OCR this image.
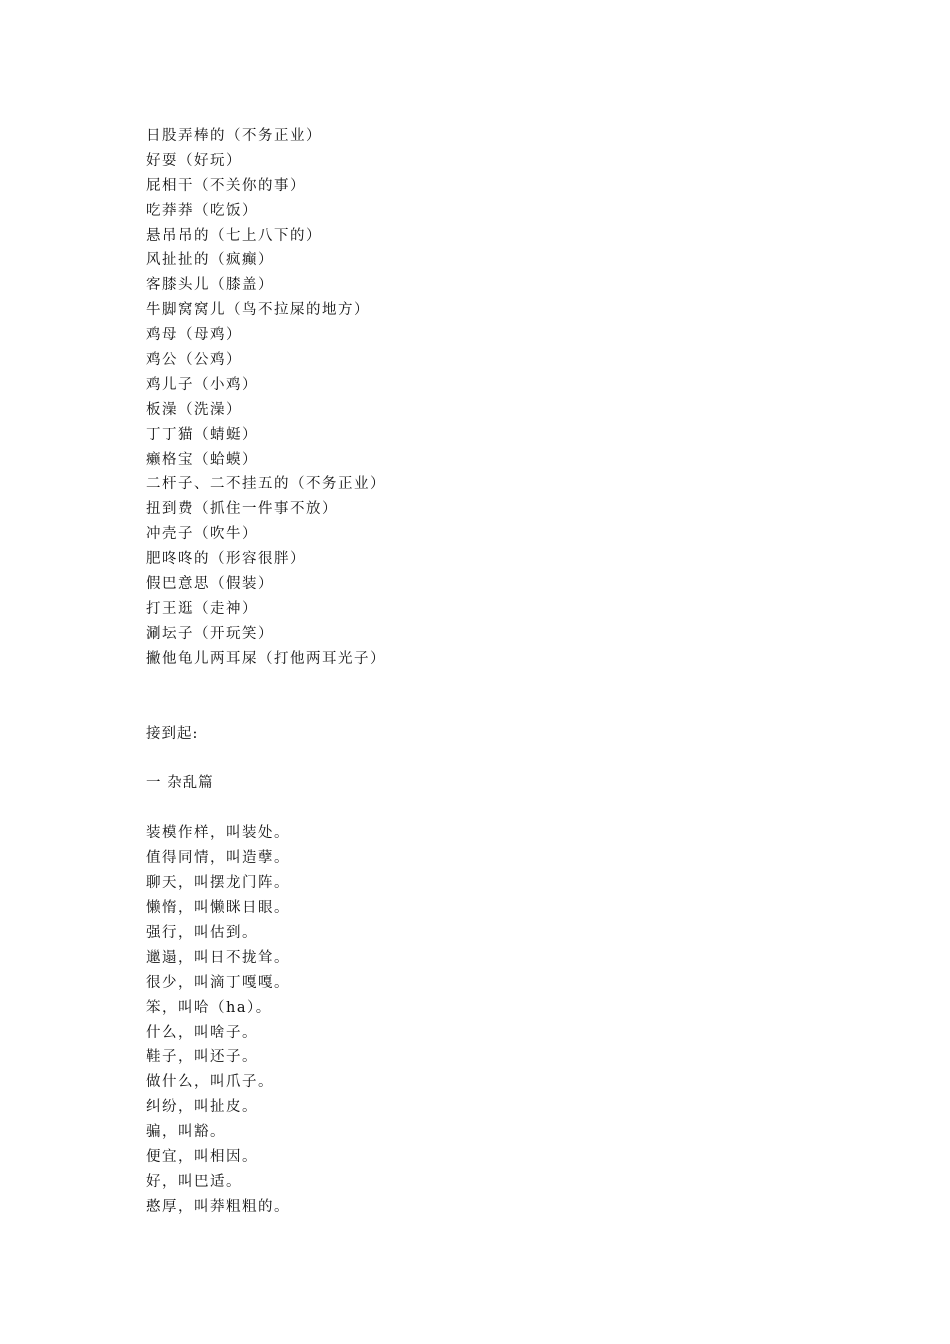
日股弄棒的（不务正业）
好耍（好玩）
屁相干（不关你的事）
吃莽莽（吃饭）
悬吊吊的（七上八下的）
风扯扯的（疯癫）
客膝头儿（膝盖）
牛脚窝窝儿（鸟不拉屎的地方）
鸡母（母鸡）
鸡公（公鸡）
鸡儿子（小鸡）
板澡（洗澡）
丁丁猫（蜻蜓）
癞格宝（蛤蟆）
二杆子、二不挂五的（不务正业）
扭到费（抓住一件事不放）
冲壳子（吹牛）
肥咚咚的（形容很胖）
假巴意思（假装）
打王逛（走神）
涮坛子（开玩笑）
撇他龟儿两耳屎（打他两耳光子）
接到起:
一 杂乱篇
装模作样，叫装处。
值得同情，叫造孽。
聊天，叫摆龙门阵。
懒惰，叫懒眯日眼。
强行，叫估到。
邋遢，叫日不拢耸。
很少，叫滴丁嘎嘎。
笨，叫哈（ha）。
什么，叫啥子。
鞋子，叫还子。
做什么，叫爪子。
纠纷，叫扯皮。
骗，叫豁。
便宜，叫相因。
好，叫巴适。
憨厚，叫莽粗粗的。
